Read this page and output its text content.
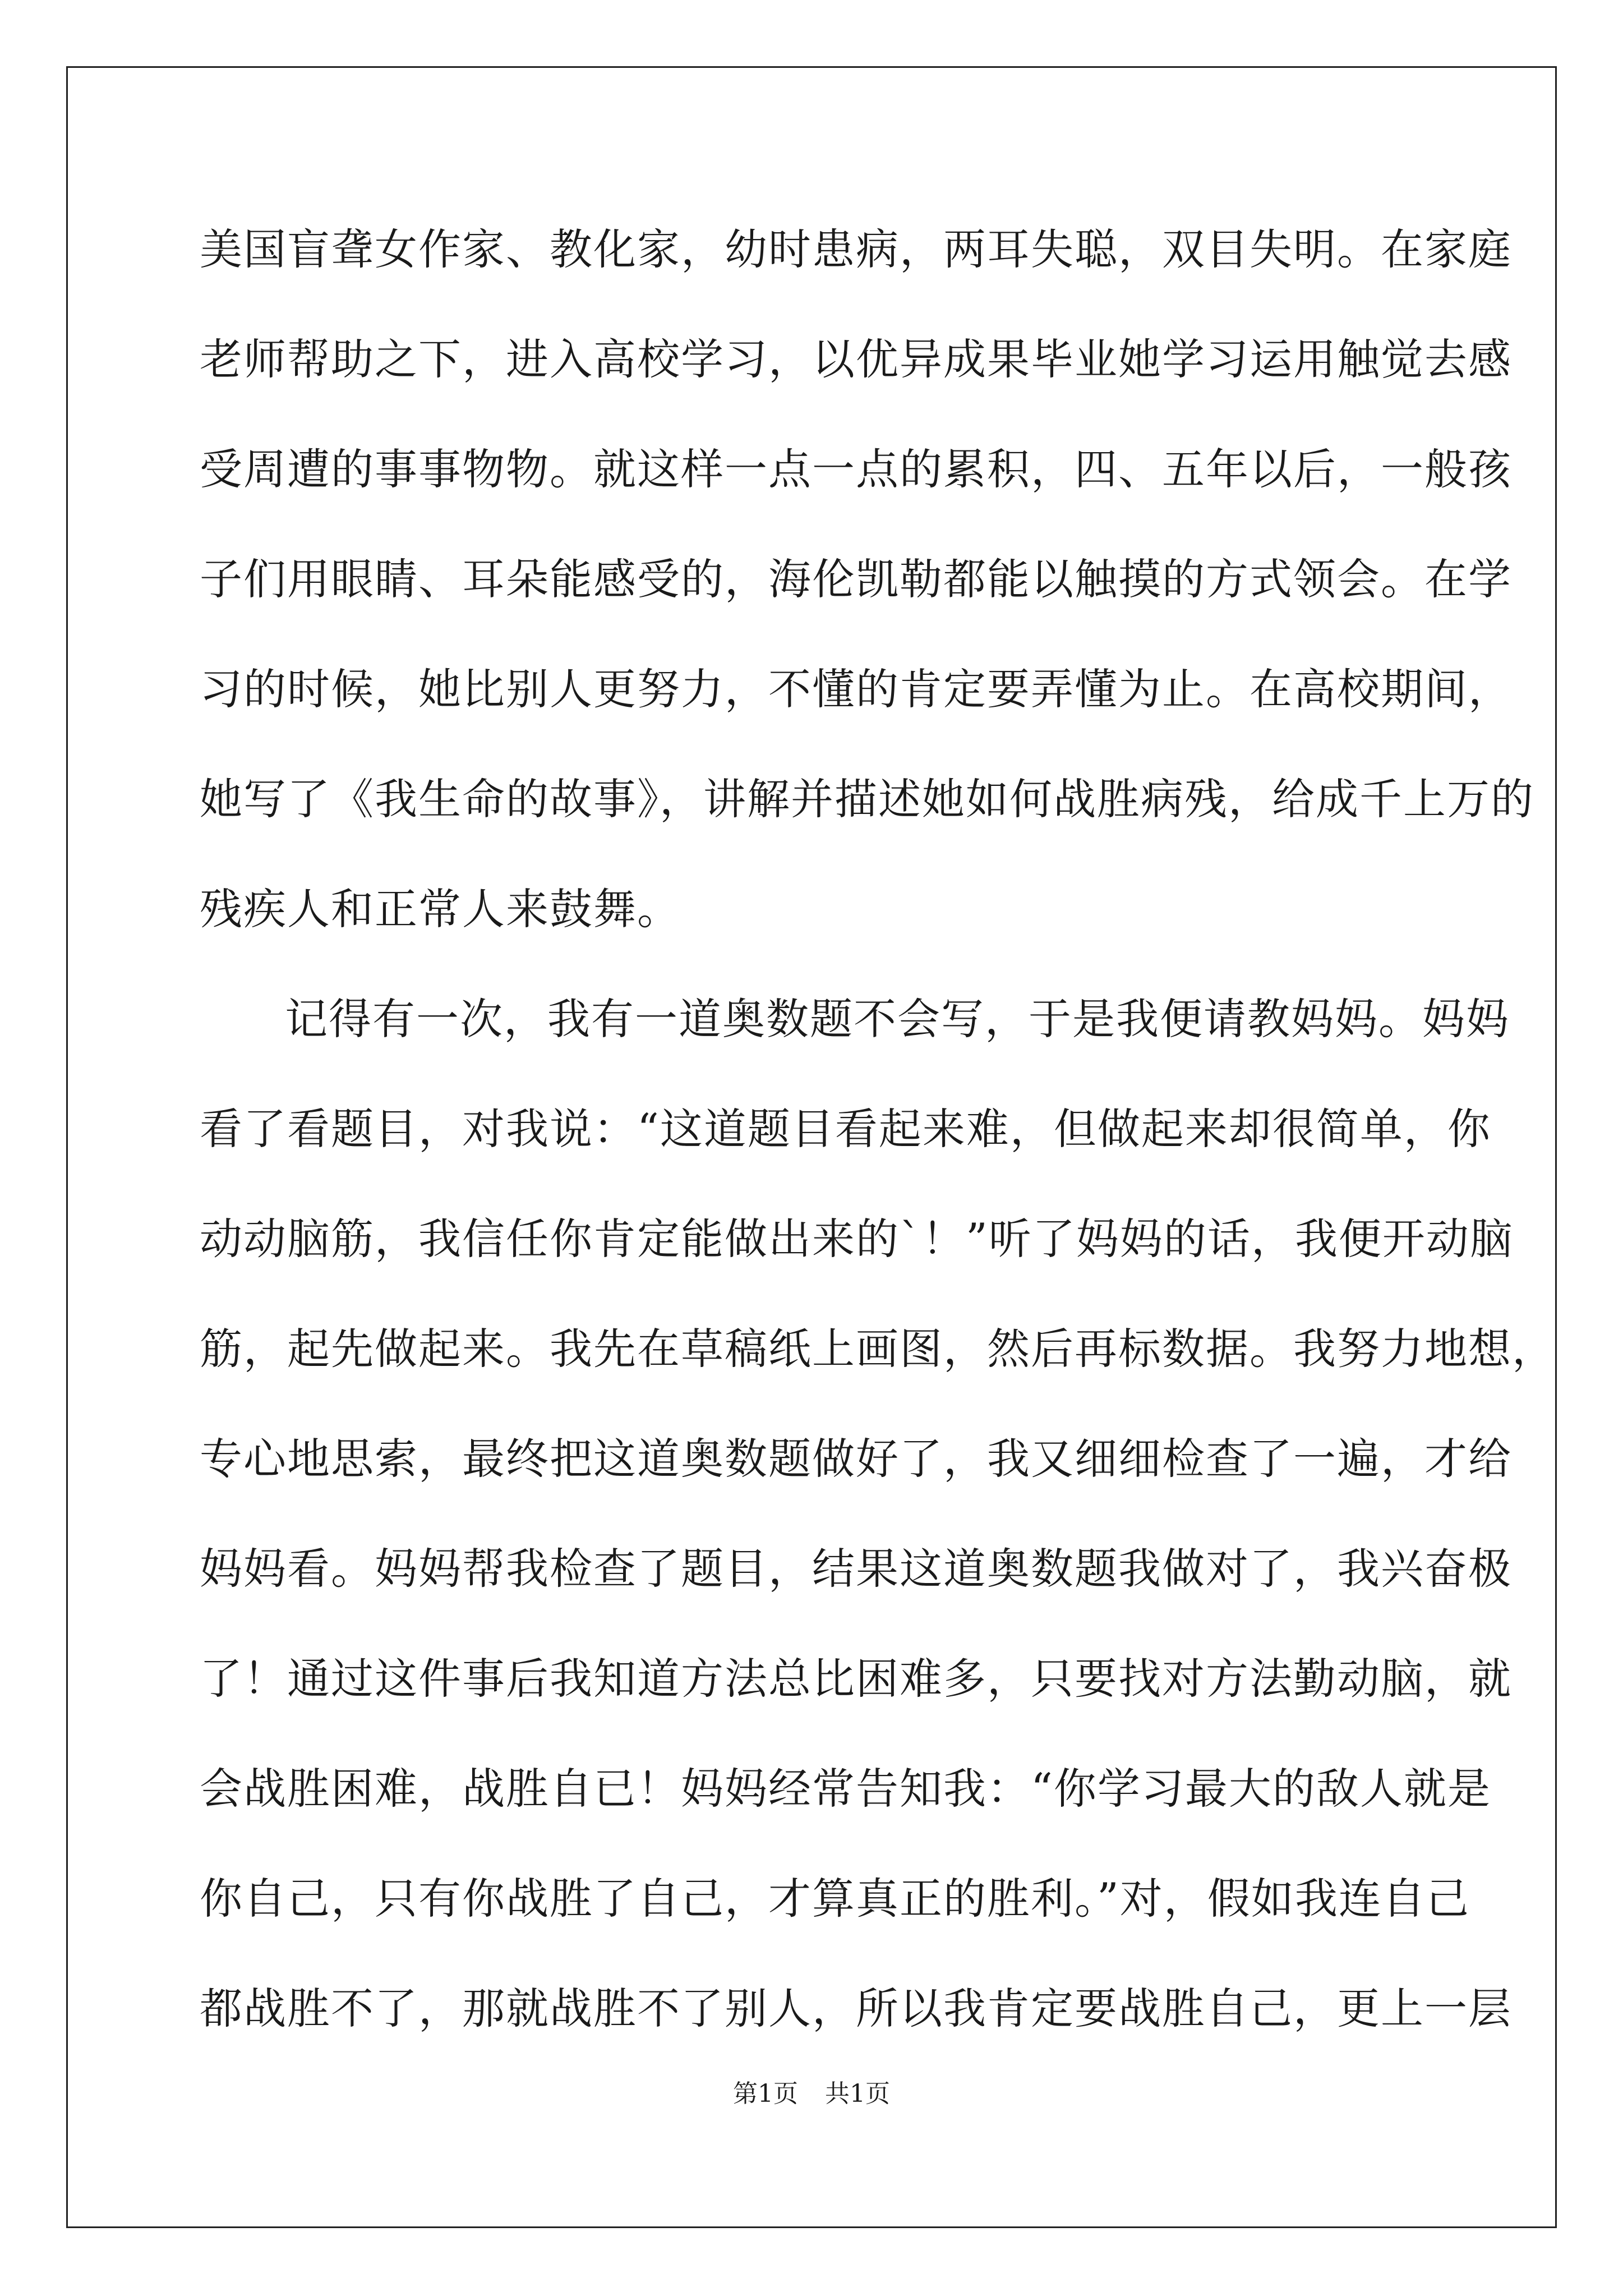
美国盲聋女作家、教化家，幼时患病，两耳失聪，双目失明。在家庭
老师帮助之下，进入高校学习，以优异成果毕业她学习运用触觉去感
受周遭的事事物物。就这样一点一点的累积，四、五年以后，一般孩
子们用眼睛、耳朵能感受的，海伦凯勒都能以触摸的方式领会。在学
习的时候，她比别人更努力，不懂的肯定要弄懂为止。在高校期间，
她写了《我生命的故事》，讲解并描述她如何战胜病残，给成千上万的
残疾人和正常人来鼓舞。
记得有一次，我有一道奥数题不会写，于是我便请教妈妈。妈妈
看了看题目，对我说：“这道题目看起来难，但做起来却很简单，你
动动脑筋，我信任你肯定能做出来的`！”听了妈妈的话，我便开动脑
筋，起先做起来。我先在草稿纸上画图，然后再标数据。我努力地想，
专心地思索，最终把这道奥数题做好了，我又细细检查了一遍，才给
妈妈看。妈妈帮我检查了题目，结果这道奥数题我做对了，我兴奋极
了！通过这件事后我知道方法总比困难多，只要找对方法勤动脑，就
会战胜困难，战胜自已！妈妈经常告知我：“你学习最大的敌人就是
你自己，只有你战胜了自己，才算真正的胜利。”对，假如我连自己
都战胜不了，那就战胜不了别人，所以我肯定要战胜自己，更上一层
第1页 共1页
